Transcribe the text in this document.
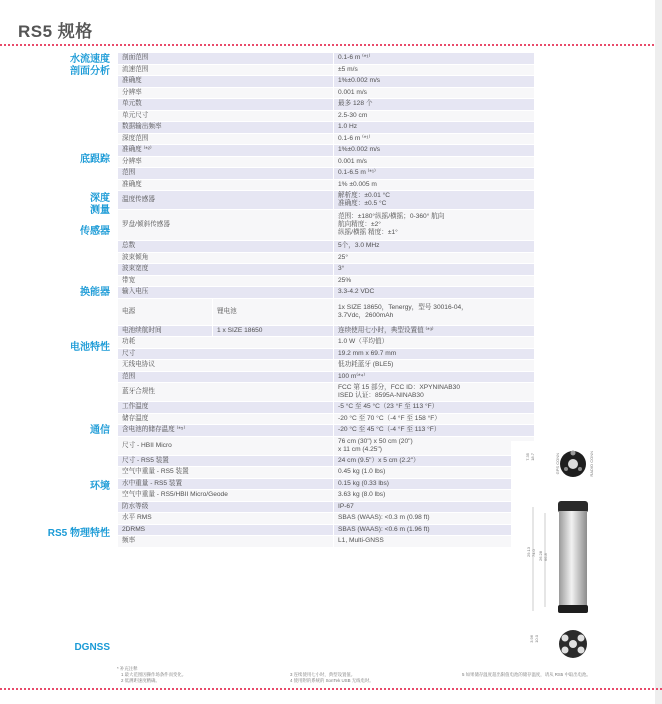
RS5 规格
水流速度
剖面分析
底跟踪
深度
测量
传感器
换能器
电池特性
通信
环境
RS5 物理特性
DGNSS
剖面范围		0.1-6 m ⁽*¹⁾
流速范围		±5 m/s
准确度		1%±0.002 m/s
分辨率		0.001 m/s
单元数		最多 128 个
单元尺寸		2.5-30 cm
数据输出频率		1.0 Hz
深度范围		0.1-6 m ⁽*¹⁾
准确度 ⁽*²⁾		1%±0.002 m/s
分辨率		0.001 m/s
范围		0.1-6.5 m ⁽*¹⁾
准确度		1% ±0.005 m
温度传感器		解析度：±0.01 °C
准确度：±0.5 °C
罗盘/倾斜传感器		范围：±180°纵摇/横摇；0-360° 航向
航向精度：±2°
纵摇/横摇 精度：±1°
总数		5个，3.0 MHz
波束倾角		25°
波束宽度		3°
带宽		25%
输入电压		3.3-4.2 VDC
电源	锂电池	1x SIZE 18650，Tenergy，型号 30016-04，
3.7Vdc，2600mAh
电池续航时间	1 x SIZE 18650	连续使用七小时，典型设置值 ⁽*³⁾
功耗		1.0 W（平均值）
尺寸		19.2 mm x 69.7 mm
无线电协议		低功耗蓝牙 (BLE5)
范围		100 m⁽*⁴⁾
蓝牙合规性		FCC 第 15 部分，FCC ID：XPYNINAB30
ISED 认证：8595A-NINAB30
工作温度		-5 °C 至 45 °C（23 °F 至 113 °F）
储存温度		-20 °C 至 70 °C（-4 °F 至 158 °F）
含电池的储存温度 ⁽*⁵⁾		-20 °C 至 45 °C（-4 °F 至 113 °F）
尺寸 - HBII Micro		76 cm (30") x 50 cm (20")
x 11 cm (4.25")
尺寸 - RS5 装置		24 cm (9.5"）x 5 cm (2.2"）
空气中重量 - RS5 装置		0.45 kg (1.0 lbs)
水中重量 - RS5 装置		0.15 kg (0.33 lbs)
空气中重量 - RS5/HBII Micro/Geode		3.63 kg (8.0 lbs)
防水等级		IP-67
水平 RMS		SBAS (WAAS): <0.3 m (0.98 ft)
2DRMS		SBAS (WAAS): <0.6 m (1.96 ft)
频率		L1, Multi-GNSS
7.35
18.7	GPS CONN	RADIO CONN
29.13
74.0 26.28
66.8
3.96
10.0
* 补充注释
1 最大范围因操作场条件而变化。
2 低测距速度精确。
3 连续使用七小时，典型设置值。
4 使用附的系统的 SonTek USB 无线电时。
5 如果储存温度超出限值电池的储存温度，请从 RS5 中取出电池。
